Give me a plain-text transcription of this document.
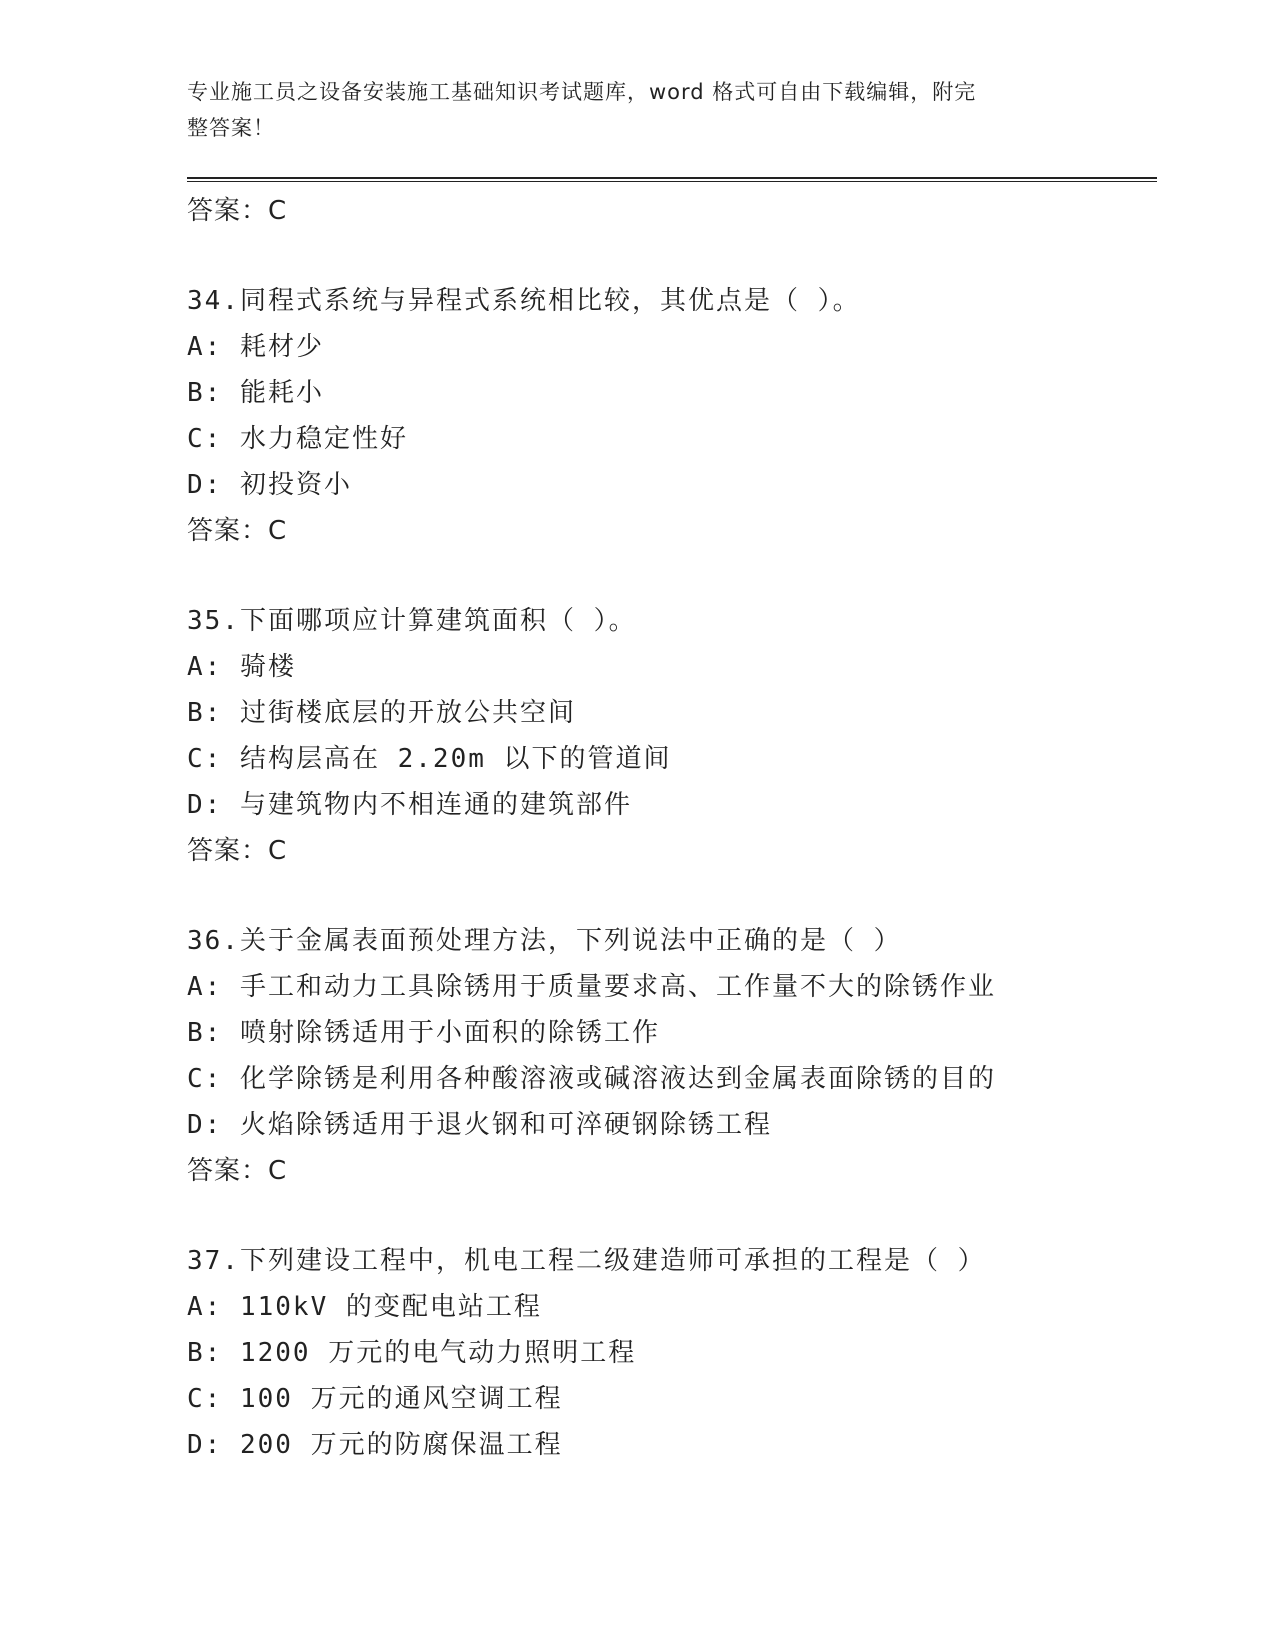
专业施工员之设备安装施工基础知识考试题库，word 格式可自由下载编辑，附完
整答案！
答案：C
34.同程式系统与异程式系统相比较，其优点是（ ）。
A: 耗材少
B: 能耗小
C: 水力稳定性好
D: 初投资小
答案：C
35.下面哪项应计算建筑面积（ ）。
A: 骑楼
B: 过街楼底层的开放公共空间
C: 结构层高在 2.20m 以下的管道间
D: 与建筑物内不相连通的建筑部件
答案：C
36.关于金属表面预处理方法，下列说法中正确的是（ ）
A: 手工和动力工具除锈用于质量要求高、工作量不大的除锈作业
B: 喷射除锈适用于小面积的除锈工作
C: 化学除锈是利用各种酸溶液或碱溶液达到金属表面除锈的目的
D: 火焰除锈适用于退火钢和可淬硬钢除锈工程
答案：C
37.下列建设工程中，机电工程二级建造师可承担的工程是（ ）
A: 110kV 的变配电站工程
B: 1200 万元的电气动力照明工程
C: 100 万元的通风空调工程
D: 200 万元的防腐保温工程
